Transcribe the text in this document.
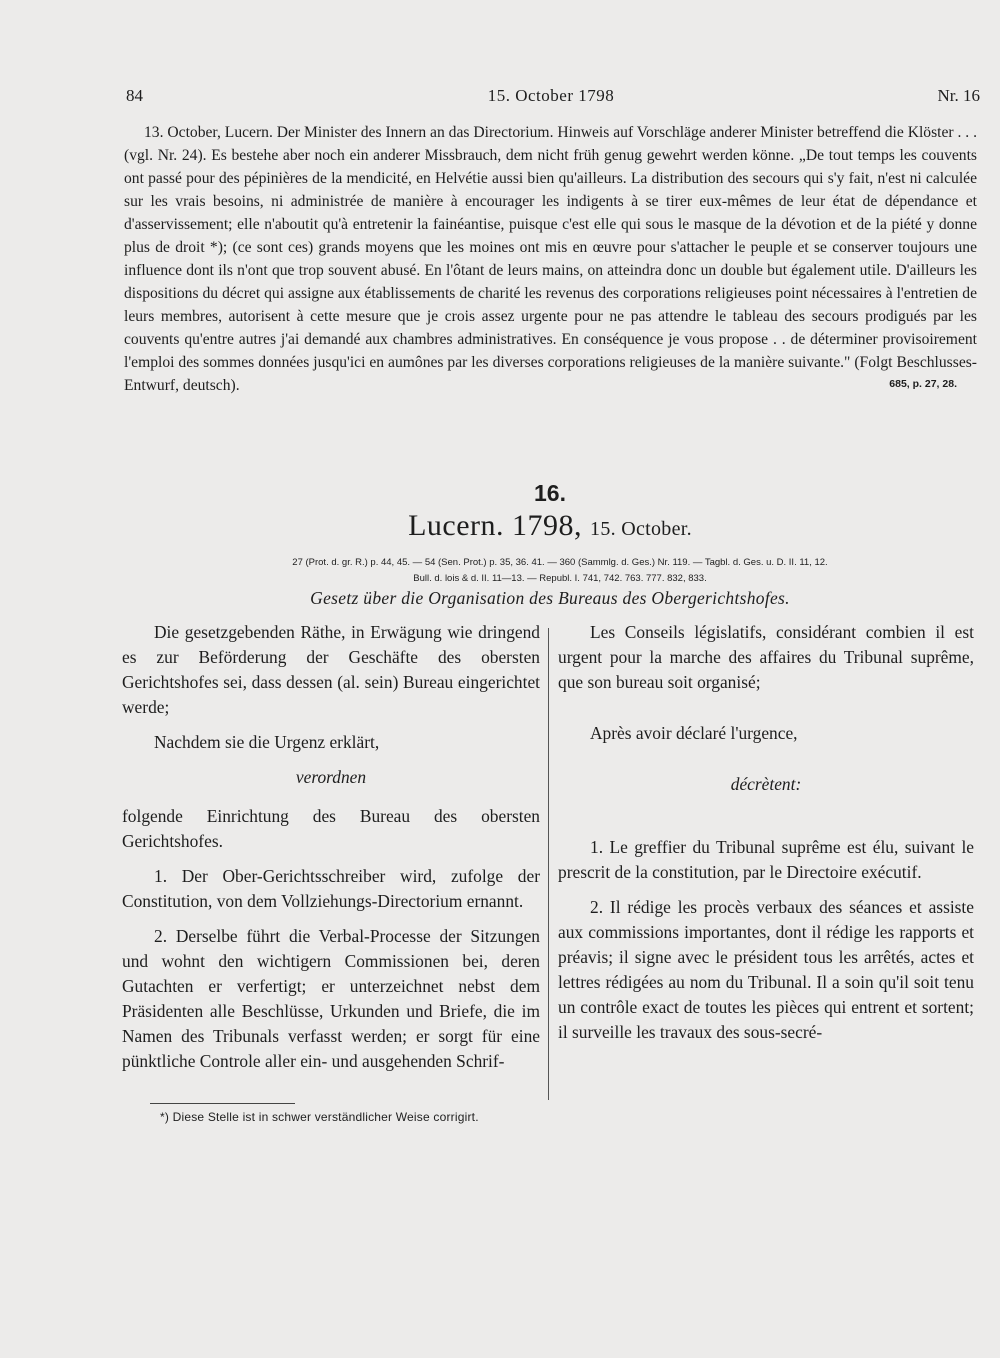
84	15. October 1798	Nr. 16

13. October, Lucern. Der Minister des Innern an das Directorium. Hinweis auf Vorschläge anderer Minister betreffend die Klöster . . . (vgl. Nr. 24). Es bestehe aber noch ein anderer Missbrauch, dem nicht früh genug gewehrt werden könne. „De tout temps les couvents ont passé pour des pépinières de la mendicité, en Helvétie aussi bien qu'ailleurs. La distribution des secours qui s'y fait, n'est ni calculée sur les vrais besoins, ni administrée de manière à encourager les indigents à se tirer eux-mêmes de leur état de dépendance et d'asservissement; elle n'aboutit qu'à entretenir la fainéantise, puisque c'est elle qui sous le masque de la dévotion et de la piété y donne plus de droit *); (ce sont ces) grands moyens que les moines ont mis en œuvre pour s'attacher le peuple et se conserver toujours une influence dont ils n'ont que trop souvent abusé. En l'ôtant de leurs mains, on atteindra donc un double but également utile. D'ailleurs les dispositions du décret qui assigne aux établissements de charité les revenus des corporations religieuses point nécessaires à l'entretien de leurs membres, autorisent à cette mesure que je crois assez urgente pour ne pas attendre le tableau des secours prodigués par les couvents qu'entre autres j'ai demandé aux chambres administratives. En conséquence je vous propose . . de déterminer provisoirement l'emploi des sommes données jusqu'ici en aumônes par les diverses corporations religieuses de la manière suivante." (Folgt Beschlusses-Entwurf, deutsch).	685, p. 27, 28.
16.
Lucern. 1798, 15. October.
27 (Prot. d. gr. R.) p. 44, 45. — 54 (Sen. Prot.) p. 35, 36. 41. — 360 (Sammlg. d. Ges.) Nr. 119. — Tagbl. d. Ges. u. D. II. 11, 12.
Bull. d. lois & d. II. 11—13. — Republ. I. 741, 742. 763. 777. 832, 833.
Gesetz über die Organisation des Bureaus des Obergerichtshofes.

Die gesetzgebenden Räthe, in Erwägung wie dringend es zur Beförderung der Geschäfte des obersten Gerichtshofes sei, dass dessen (al. sein) Bureau eingerichtet werde;

Nachdem sie die Urgenz erklärt,

verordnen

folgende Einrichtung des Bureau des obersten Gerichtshofes.

1. Der Ober-Gerichtsschreiber wird, zufolge der Constitution, von dem Vollziehungs-Directorium ernannt.

2. Derselbe führt die Verbal-Processe der Sitzungen und wohnt den wichtigern Commissionen bei, deren Gutachten er verfertigt; er unterzeichnet nebst dem Präsidenten alle Beschlüsse, Urkunden und Briefe, die im Namen des Tribunals verfasst werden; er sorgt für eine pünktliche Controle aller ein- und ausgehenden Schrif-

Les Conseils législatifs, considérant combien il est urgent pour la marche des affaires du Tribunal suprême, que son bureau soit organisé;

Après avoir déclaré l'urgence,

décrètent:

1. Le greffier du Tribunal suprême est élu, suivant le prescrit de la constitution, par le Directoire exécutif.

2. Il rédige les procès verbaux des séances et assiste aux commissions importantes, dont il rédige les rapports et préavis; il signe avec le président tous les arrêtés, actes et lettres rédigées au nom du Tribunal. Il a soin qu'il soit tenu un contrôle exact de toutes les pièces qui entrent et sortent; il surveille les travaux des sous-secré-

*) Diese Stelle ist in schwer verständlicher Weise corrigirt.
